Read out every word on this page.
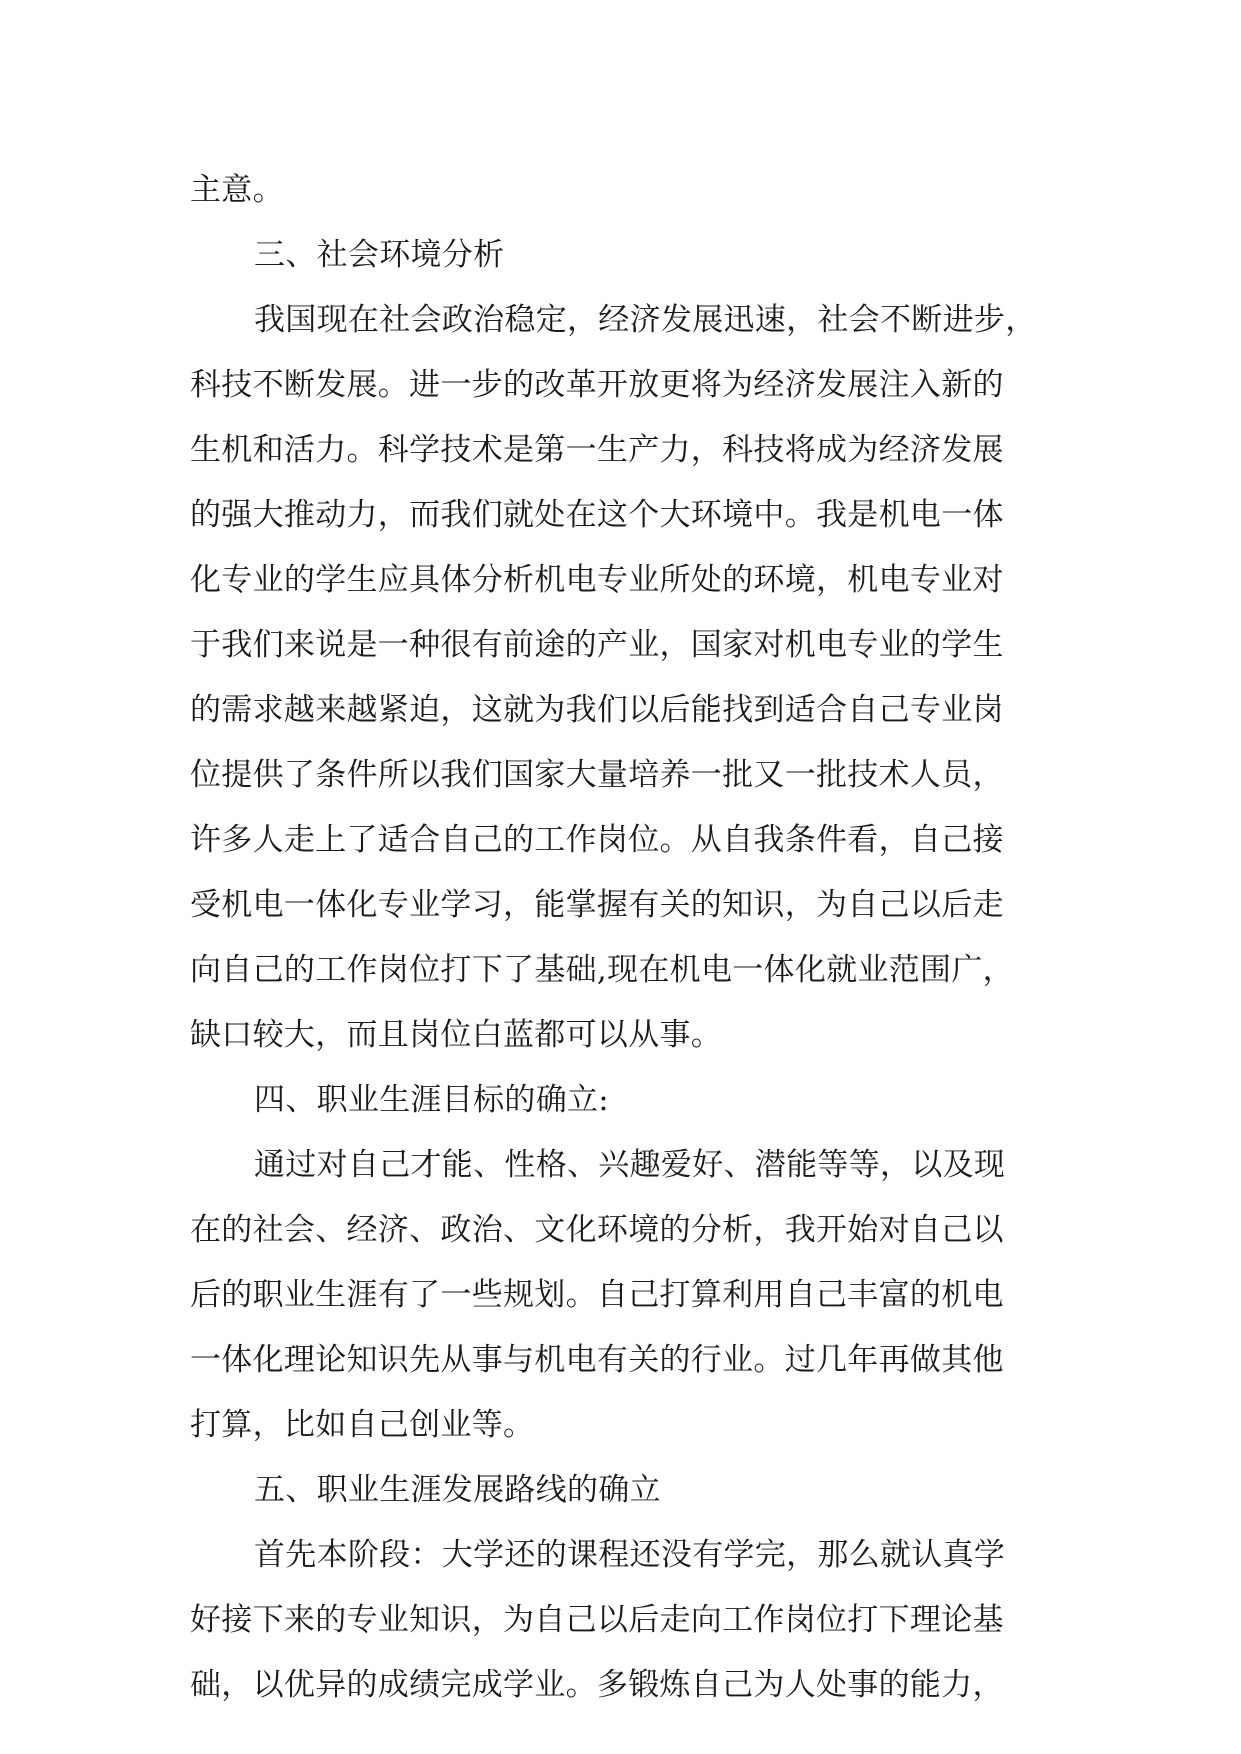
主意。
三、社会环境分析
我国现在社会政治稳定，经济发展迅速，社会不断进步，
科技不断发展。进一步的改革开放更将为经济发展注入新的
生机和活力。科学技术是第一生产力，科技将成为经济发展
的强大推动力，而我们就处在这个大环境中。我是机电一体
化专业的学生应具体分析机电专业所处的环境，机电专业对
于我们来说是一种很有前途的产业，国家对机电专业的学生
的需求越来越紧迫，这就为我们以后能找到适合自己专业岗
位提供了条件所以我们国家大量培养一批又一批技术人员，
许多人走上了适合自己的工作岗位。从自我条件看，自己接
受机电一体化专业学习，能掌握有关的知识，为自己以后走
向自己的工作岗位打下了基础,现在机电一体化就业范围广，
缺口较大，而且岗位白蓝都可以从事。
四、职业生涯目标的确立:
通过对自己才能、性格、兴趣爱好、潜能等等，以及现
在的社会、经济、政治、文化环境的分析，我开始对自己以
后的职业生涯有了一些规划。自己打算利用自己丰富的机电
一体化理论知识先从事与机电有关的行业。过几年再做其他
打算，比如自己创业等。
五、职业生涯发展路线的确立
首先本阶段：大学还的课程还没有学完，那么就认真学
好接下来的专业知识，为自己以后走向工作岗位打下理论基
础，以优异的成绩完成学业。多锻炼自己为人处事的能力，
